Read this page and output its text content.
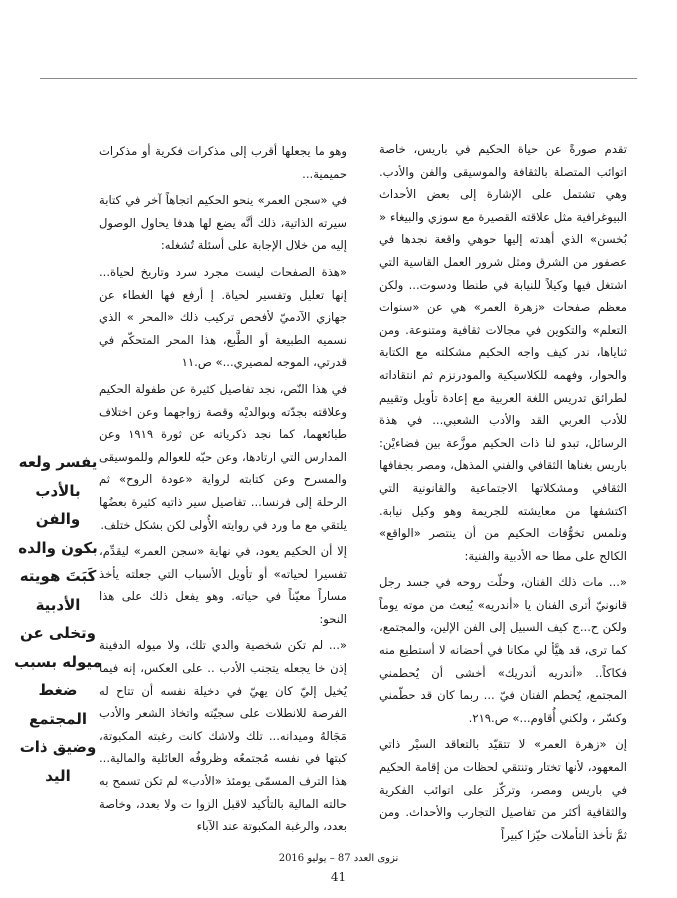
تقدم صورةً عن حياة الحكيم في باريس، خاصة اتوائب المتصلة بالثقافة والموسيقى والفن والأدب. وهي تشتمل على الإشارة إلى بعض الأحداث البيوغرافية مثل علاقته القصيرة مع سوزي والبيغاء « بُخسن» الذي أهدته إليها حوهي واقعة نجدها في عصفور من الشرق ومثل شرور العمل القاسية التي اشتغل فيها وكيلاً للنيابة في طنطا ودسوت... ولكن معظم صفحات «زهرة العمر» هي عن «سنوات التعلم» والتكوين في مجالات ثقافية ومتنوعة. ومن ثناياها، ندر كيف واجه الحكيم مشكلته مع الكتابة والحوار، وفهمه للكلاسيكية والمودرنزم ثم انتقاداته لطرائق تدريس اللغة العربية مع إعادة تأويل وتقييم للأدب العربي القد والأدب الشعبي... في هذة الرسائل، تبدو لنا ذات الحكيم موزَّعة بين فضاءيْن: باريس بغناها الثقافي والفني المذهل، ومصر بجفافها الثقافي ومشكلاتها الاجتماعية والقانونية التي اكتشفها من معايشته للجريمة وهو وكيل نيابة. ونلمس تخوُّفات الحكيم من أن ينتصر «الواقع» الكالح على مطا حه الأدبية والفنية:

«... مات ذلك الفنان، وحلّت روحه في جسد رجل قانونيّ أترى الفنان يا «أندريه» يُبعث من موته يوماً ولكن ح...ج كيف السبيل إلى الفن الإلين، والمجتمع، كما ترى، قد هيَّأ لي مكانا في أحضانه لا أستطيع منه فكاكاً.. «أندريه أندريك» أخشى أن يُحطمني المجتمع، يُحطم الفنان فيّ ... ربما كان قد حطّمني وكسّر ، ولكني أُقاوم...» ص.٢١٩.

إن «زهرة العمر» لا تتقيّد بالتعاقد السيْر ذاتي المعهود، لأنها تختار وتنتقي لحظات من إقامة الحكيم في باريس ومصر، وتركّز على اتوائب الفكرية والثقافية أكثر من تفاصيل التجارب والأحداث. ومن ثمَّ تأخذ التأملات حيّزا كبيراً

وهو ما يجعلها أقرب إلى مذكرات فكرية أو مذكرات حميمية...

في «سجن العمر» ينحو الحكيم اتجاهاً آخر في كتابة سيرته الذاتية، ذلك أنَّه يضع لها هدفا يحاول الوصول إليه من خلال الإجابة على أسئلة تُشغله:

«هذة الصفحات ليست مجرد سرد وتاريخ لحياة... إنها تعليل وتفسير لحياة. إ أرفع فها الغطاء عن جهازي الآدميّ لأفحص تركيب ذلك «المحر » الذي نسميه الطبيعة أو الطَّبع، هذا المحر المتحكّم في قدرتي، الموجه لمصيري...» ص.١١

في هذا النّص، نجد تفاصيل كثيرة عن طفولة الحكيم وعلاقته بجدّته وبوالديْه وقصة زواجهما وعن اختلاف طبائعهما، كما نجد ذكرياته عن ثورة ١٩١٩ وعن المدارس التي ارتادها، وعن حبّه للعوالم وللموسيقى والمسرح وعن كتابته لرواية «عودة الروح» ثم الرحلة إلى فرنسا... تفاصيل سير ذاتيه كثيرة بعضُها يلتقي مع ما ورد في روايته الأُولى لكن بشكل ختلف.

إلا أن الحكيم يعود، في نهاية «سجن العمر» ليقدِّم، تفسيرا لحياته» أو تأويل الأسباب التي جعلته يأخذ مساراً معيّناً في حياته. وهو يفعل ذلك على هذا النحو:

«... لم تكن شخصية والدي تلك، ولا ميوله الدفينة إذن خا يجعله يتجنب الأدب .. على العكس، إنه فيما يُخيل إليّ كان يهيّ في دخيلة نفسه أن تتاح له الفرصة للانطلات على سجيّته واتخاذ الشعر والأدب مَجَالهُ وميدانه... تلك ولاشك كانت رغبته المكبوتة، كبتها في نفسه مُجتمعُه وظروفُه العائلية والمالية... هذا الترف المسمّى يومئذ «الأدب» لم تكن تسمح به حالته المالية بالتأكيد لاقبل الزوا ت ولا بعدد، وخاصة بعدد، والرغبة المكبوتة عند الآباء

يفسر ولعه
بالأدب والفن
بكون والده
كَبَتَ هويته
الأدبية
وتخلى عن
ميوله بسبب
ضغط المجتمع
وضيق ذات
اليد
نزوى العدد 87 – يوليو 2016
41
